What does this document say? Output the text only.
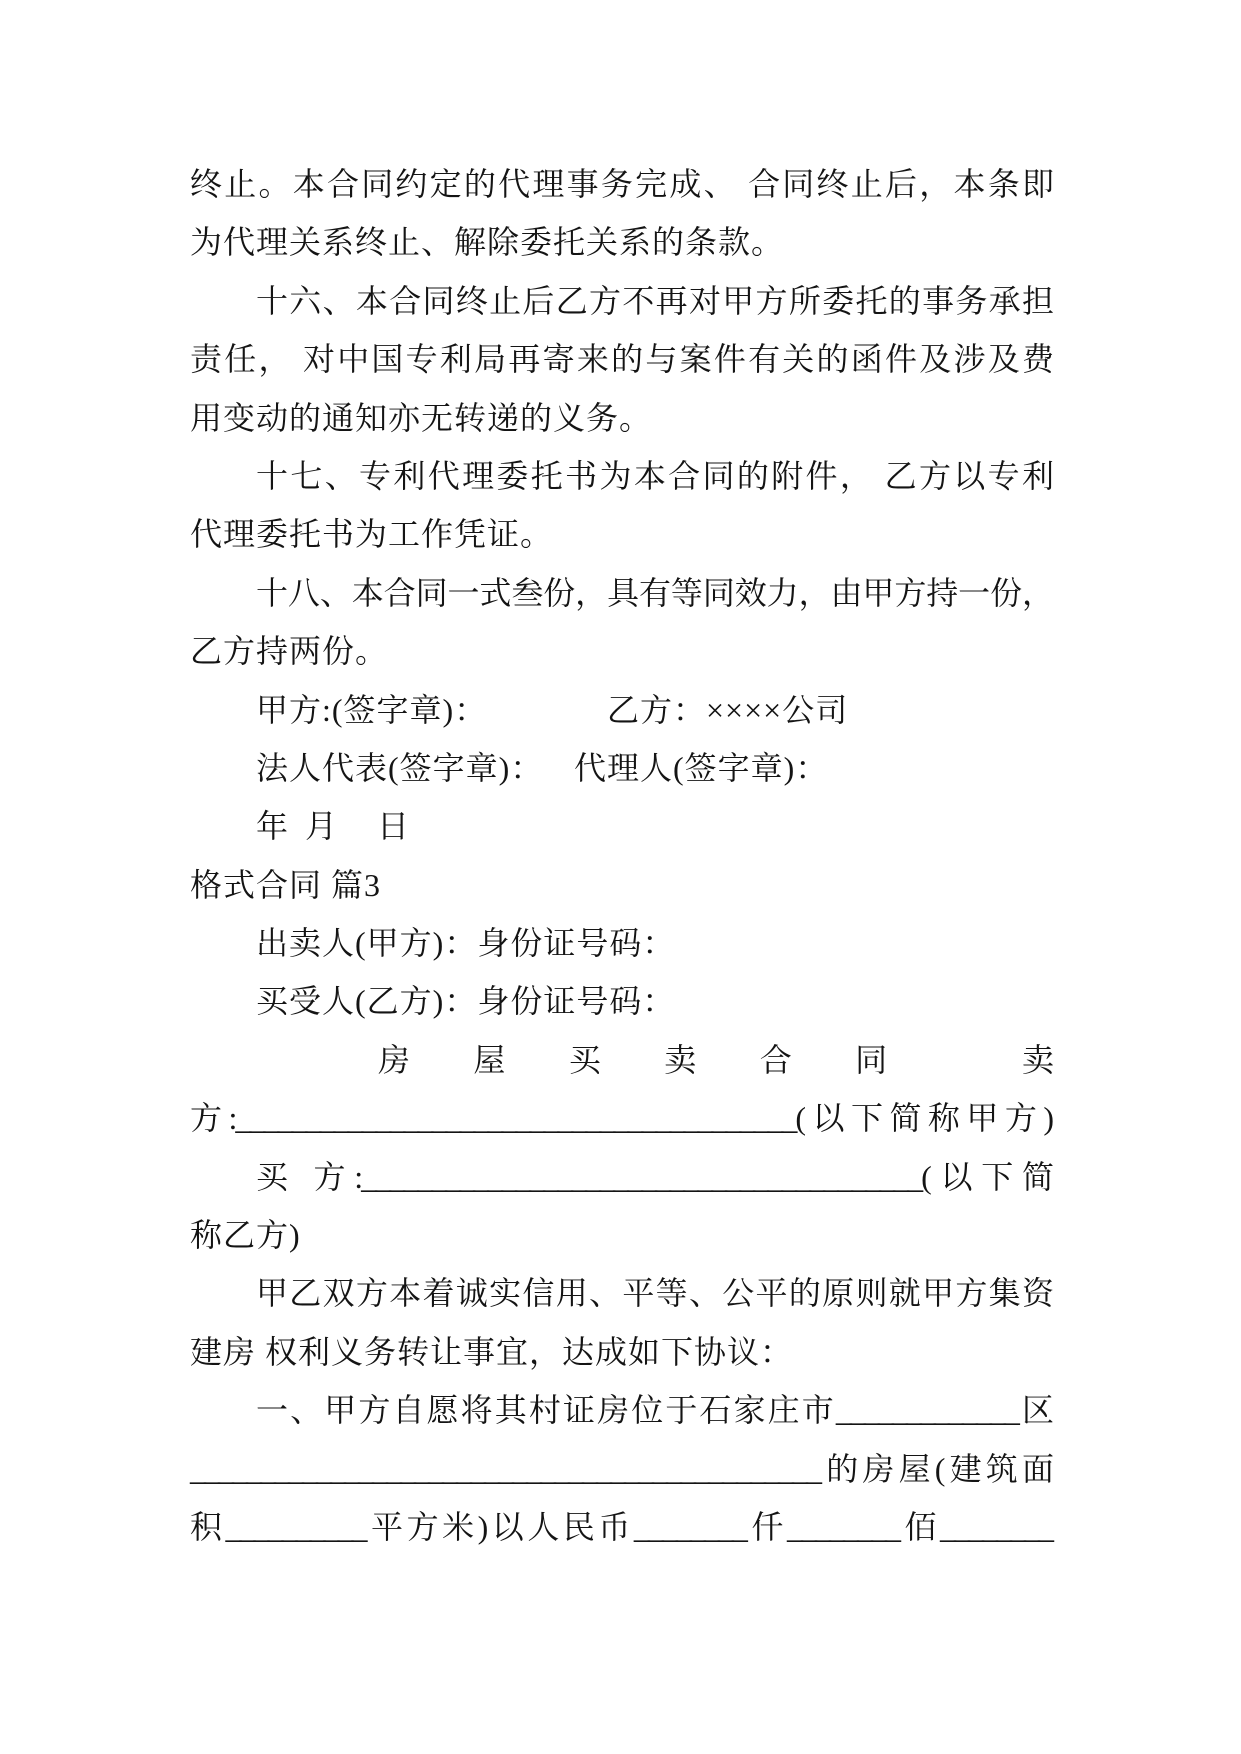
终止。本合同约定的代理事务完成、 合同终止后，本条即
为代理关系终止、解除委托关系的条款。
十六、本合同终止后乙方不再对甲方所委托的事务承担
责任， 对中国专利局再寄来的与案件有关的函件及涉及费
用变动的通知亦无转递的义务。
十七、专利代理委托书为本合同的附件， 乙方以专利
代理委托书为工作凭证。
十八、本合同一式叁份，具有等同效力，由甲方持一份，
乙方持两份。
甲方:(签字章)：	乙方：××××公司
法人代表(签字章)： 代理人(签字章)：
年 月 日
格式合同 篇3
出卖人(甲方)：身份证号码：
买受人(乙方)：身份证号码：
房屋买卖合同 卖
方:________________________________________(以下简称甲方)
买 方:________________________________________(以下简
称乙方)
甲乙双方本着诚实信用、平等、公平的原则就甲方集资
建房 权利义务转让事宜，达成如下协议：
一、甲方自愿将其村证房位于石家庄市_____________区
_____________________________________________的房屋(建筑面
积__________平方米)以人民币________仟________佰________
